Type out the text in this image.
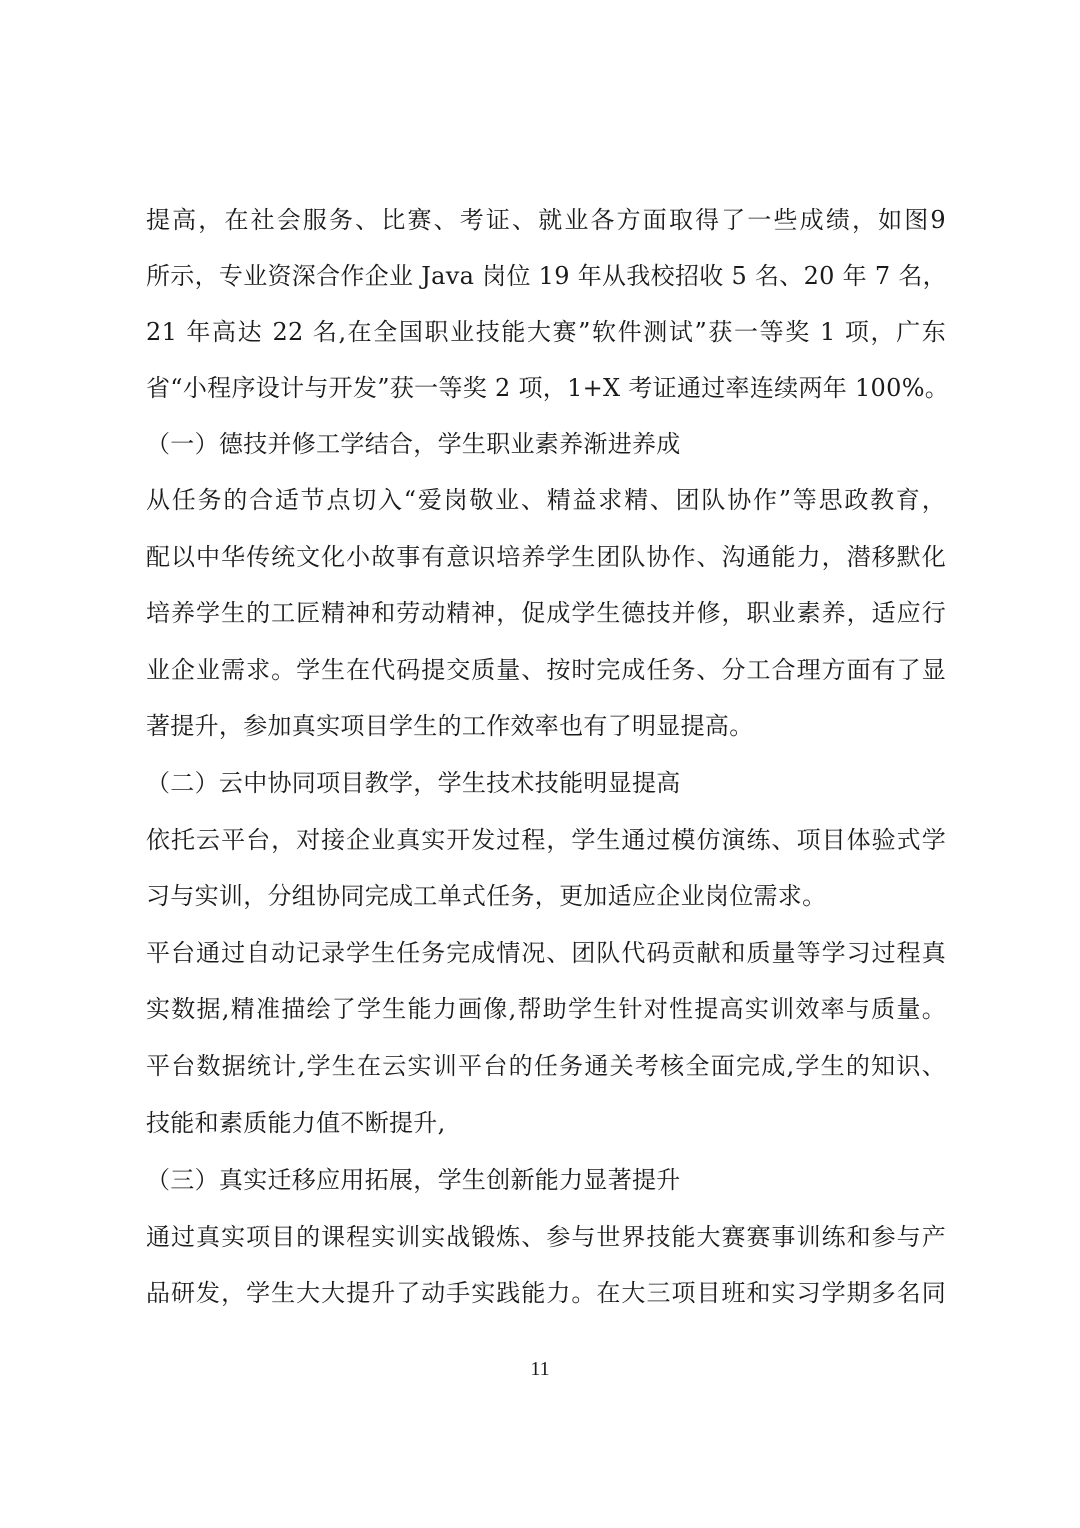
提高，在社会服务、比赛、考证、就业各方面取得了一些成绩，如图9
所示，专业资深合作企业 Java 岗位 19 年从我校招收 5 名、20 年 7 名，
21 年高达 22 名,在全国职业技能大赛”软件测试”获一等奖 1 项，广东
省“小程序设计与开发”获一等奖 2 项，1+X 考证通过率连续两年 100%。
（一）德技并修工学结合，学生职业素养渐进养成
从任务的合适节点切入“爱岗敬业、精益求精、团队协作”等思政教育，
配以中华传统文化小故事有意识培养学生团队协作、沟通能力，潜移默化
培养学生的工匠精神和劳动精神，促成学生德技并修，职业素养，适应行
业企业需求。学生在代码提交质量、按时完成任务、分工合理方面有了显
著提升，参加真实项目学生的工作效率也有了明显提高。
（二）云中协同项目教学，学生技术技能明显提高
依托云平台，对接企业真实开发过程，学生通过模仿演练、项目体验式学
习与实训，分组协同完成工单式任务，更加适应企业岗位需求。
平台通过自动记录学生任务完成情况、团队代码贡献和质量等学习过程真
实数据,精准描绘了学生能力画像,帮助学生针对性提高实训效率与质量。
平台数据统计,学生在云实训平台的任务通关考核全面完成,学生的知识、
技能和素质能力值不断提升,
（三）真实迁移应用拓展，学生创新能力显著提升
通过真实项目的课程实训实战锻炼、参与世界技能大赛赛事训练和参与产
品研发，学生大大提升了动手实践能力。在大三项目班和实习学期多名同
11
